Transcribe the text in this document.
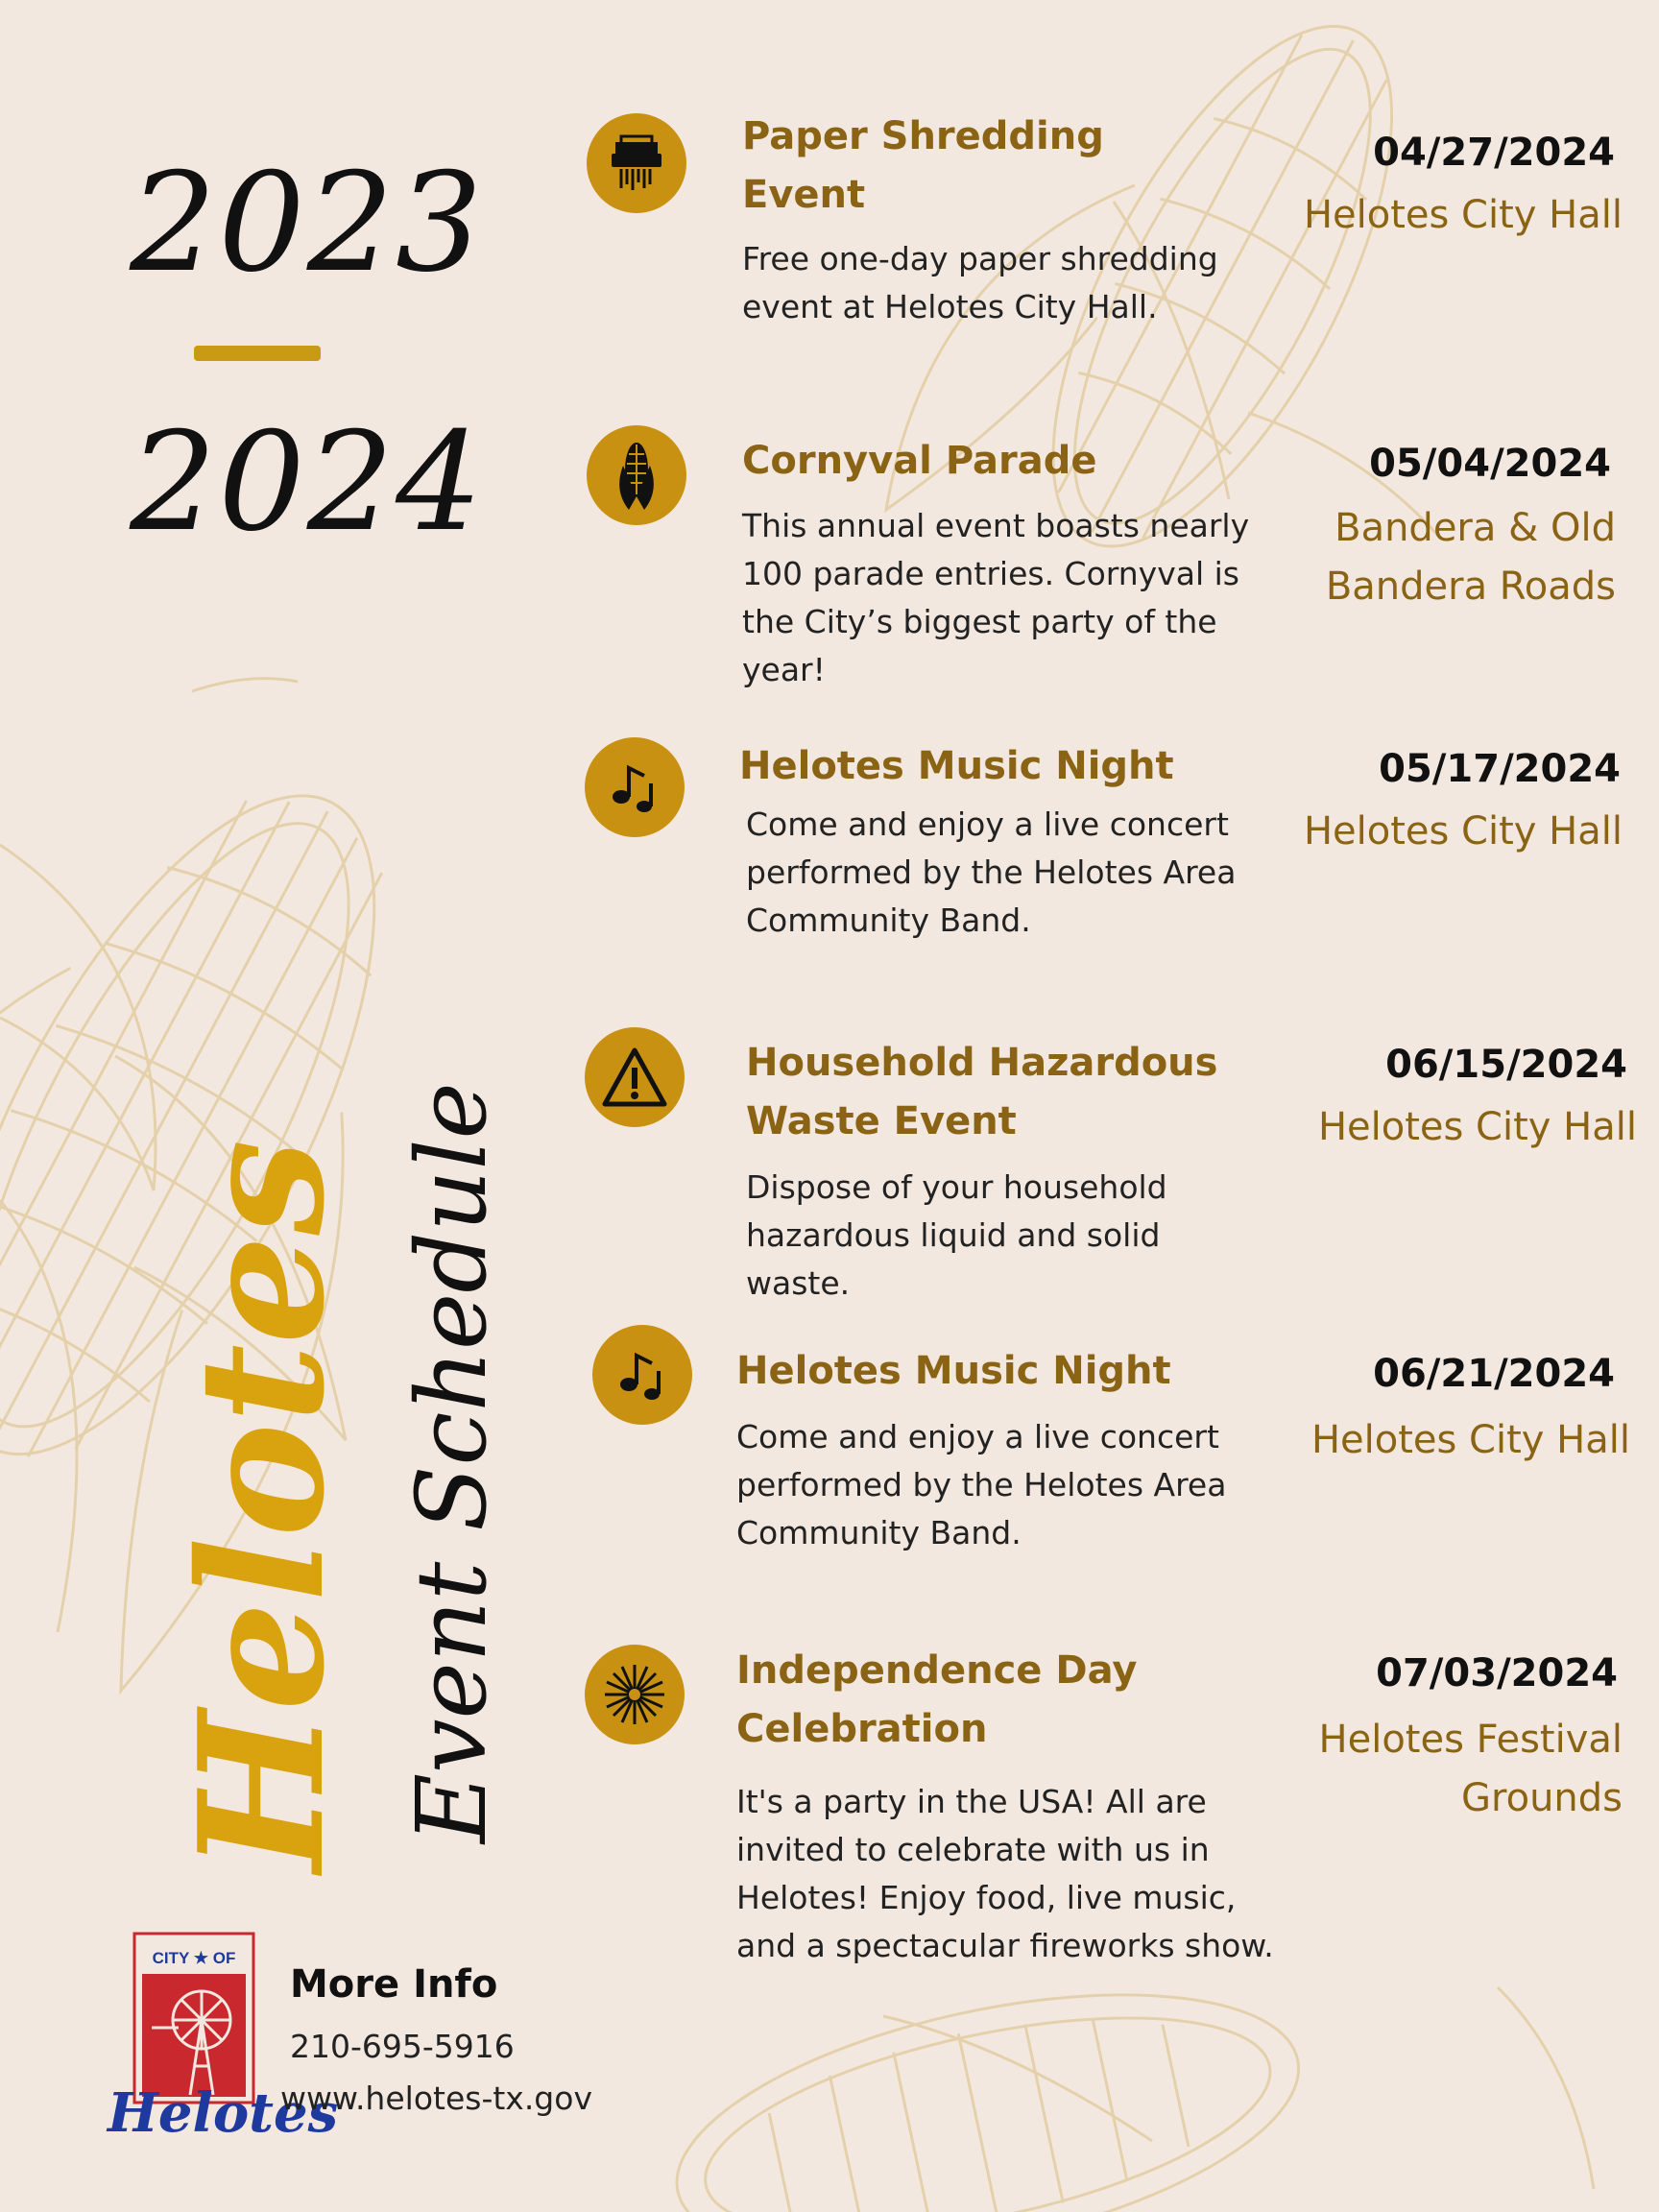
2023
2024
Helotes Event Schedule
Paper Shredding Event
Free one-day paper shredding event at Helotes City Hall.
04/27/2024
Helotes City Hall
Cornyval Parade
This annual event boasts nearly 100 parade entries. Cornyval is the City’s biggest party of the year!
05/04/2024
Bandera & Old Bandera Roads
Helotes Music Night
Come and enjoy a live concert performed by the Helotes Area Community Band.
05/17/2024
Helotes City Hall
Household Hazardous Waste Event
Dispose of your household hazardous liquid and solid waste.
06/15/2024
Helotes City Hall
Helotes Music Night
Come and enjoy a live concert performed by the Helotes Area Community Band.
06/21/2024
Helotes City Hall
Independence Day Celebration
It's a party in the USA! All are invited to celebrate with us in Helotes! Enjoy food, live music, and a spectacular fireworks show.
07/03/2024
Helotes Festival Grounds
CITY ★ OF
Helotes
More Info
210-695-5916
www.helotes-tx.gov
